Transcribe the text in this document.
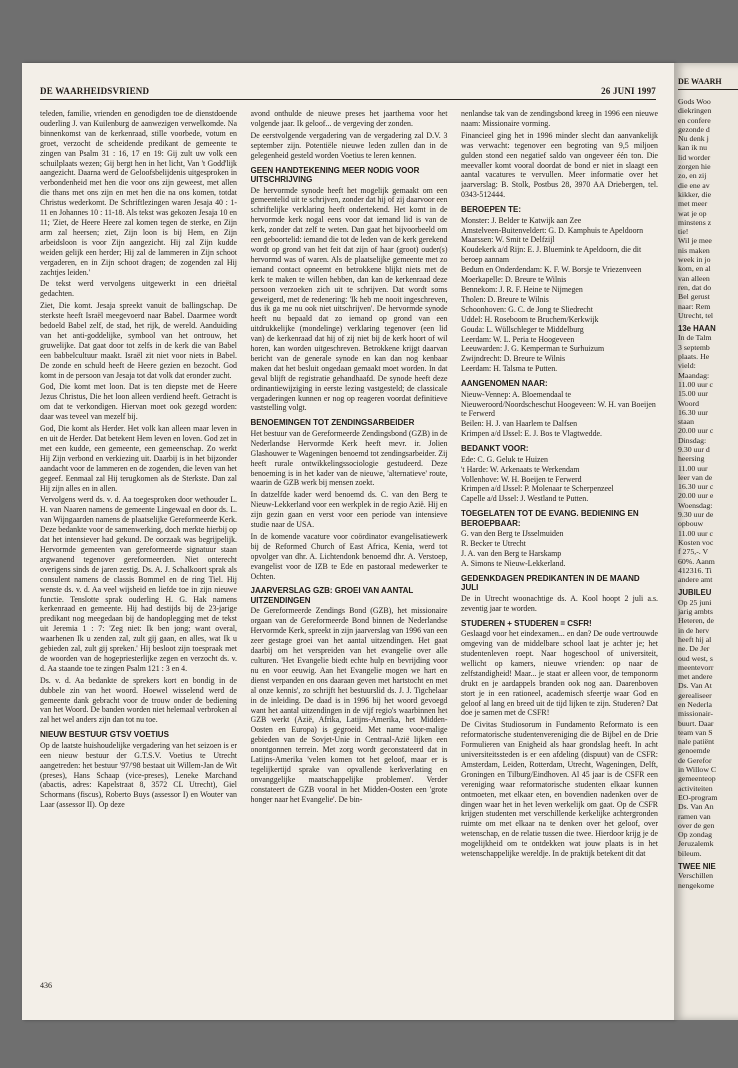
DE WAARHEIDSVRIEND	26 JUNI 1997

teleden, familie, vrienden en genodigden toe de dienstdoende ouderling J. van Kuilenburg de aanwezigen verwelkomde. Na binnenkomst van de kerkenraad, stille voorbede, votum en groet, verzocht de scheidende predikant de gemeente te zingen van Psalm 31 : 16, 17 en 19: Gij zult uw volk een schuilplaats wezen; Gij bergt hen in het licht, Van 't Godd'lijk aangezicht. Daarna werd de Geloofsbelijdenis uitgesproken in verbondenheid met hen die voor ons zijn geweest, met allen die thans met ons zijn en met hen die na ons komen, totdat Christus wederkomt. De Schriftlezingen waren Jesaja 40 : 1-11 en Johannes 10 : 11-18. Als tekst was gekozen Jesaja 10 en 11; 'Ziet, de Heere Heere zal komen tegen de sterke, en Zijn arm zal heersen; ziet, Zijn loon is bij Hem, en Zijn arbeidsloon is voor Zijn aangezicht. Hij zal Zijn kudde weiden gelijk een herder; Hij zal de lammeren in Zijn schoot vergaderen, en in Zijn schoot dragen; de zogenden zal Hij zachtjes leiden.'

De tekst werd vervolgens uitgewerkt in een drieëtal gedachten.

Ziet, Die komt. Jesaja spreekt vanuit de ballingschap. De sterkste heeft Israël meegevoerd naar Babel. Daarmee wordt bedoeld Babel zelf, de stad, het rijk, de wereld. Aanduiding van het anti-goddelijke, symbool van het ontrouw, het gruwelijke. Dat gaat door tot zelfs in de kerk die van Babel een babbelcultuur maakt. Israël zit niet voor niets in Babel. De zonde en schuld heeft de Heere gezien en bezocht. God komt in de persoon van Jesaja tot dat volk dat eronder zucht.

God, Die komt met loon. Dat is ten diepste met de Heere Jezus Christus, Die het loon alleen verdiend heeft. Getracht is om dat te verkondigen. Hiervan moet ook gezegd worden: daar was teveel van mezelf bij.

God, Die komt als Herder. Het volk kan alleen maar leven in en uit de Herder. Dat betekent Hem leven en loven. God zet in met een kudde, een gemeente, een gemeenschap. Zo werkt Hij Zijn verbond en verkiezing uit. Daarbij is in het bijzonder aandacht voor de lammeren en de zogenden, die leven van het gegeef. Eenmaal zal Hij terugkomen als de Sterkste. Dan zal Hij zijn alles en in allen.

Vervolgens werd ds. v. d. Aa toegesproken door wethouder L. H. van Naaren namens de gemeente Lingewaal en door ds. L. van Wijngaarden namens de plaatselijke Gereformeerde Kerk. Deze bedankte voor de samenwerking, doch merkte hierbij op dat het intensiever had gekund. De oorzaak was begrijpelijk. Hervormde gemeenten van gereformeerde signatuur staan argwanend tegenover gereformeerden. Niet onterecht overigens sinds de jaren zestig. Ds. A. J. Schalkoort sprak als consulent namens de classis Bommel en de ring Tiel. Hij wenste ds. v. d. Aa veel wijsheid en liefde toe in zijn nieuwe functie. Tenslotte sprak ouderling H. G. Hak namens kerkenraad en gemeente. Hij had destijds bij de 23-jarige predikant nog meegedaan bij de handoplegging met de tekst uit Jeremia 1 : 7: 'Zeg niet: Ik ben jong; want overal, waarhenen Ik u zenden zal, zult gij gaan, en alles, wat Ik u gebieden zal, zult gij spreken.' Hij besloot zijn toespraak met de woorden van de hogepriesterlijke zegen en verzocht ds. v. d. Aa staande toe te zingen Psalm 121 : 3 en 4.

Ds. v. d. Aa bedankte de sprekers kort en bondig in de dubbele zin van het woord. Hoewel wisselend werd de gemeente dank gebracht voor de trouw onder de bediening van het Woord. De banden worden niet helemaal verbroken al zal het wel anders zijn dan tot nu toe.

NIEUW BESTUUR GTSV VOETIUS

Op de laatste huishoudelijke vergadering van het seizoen is er een nieuw bestuur der G.T.S.V. Voetius te Utrecht aangetreden: het bestuur '97/'98 bestaat uit Willem-Jan de Wit (preses), Hans Schaap (vice-preses), Leneke Marchand (abactis, adres: Kapelstraat 8, 3572 CL Utrecht), Giel Schormans (fiscus), Roberto Buys (assessor I) en Wouter van Laar (assessor II). Op deze

avond onthulde de nieuwe preses het jaarthema voor het volgende jaar. Ik geloof... de vergeving der zonden.

De eerstvolgende vergadering van de vergadering zal D.V. 3 september zijn. Potentiële nieuwe leden zullen dan in de gelegenheid gesteld worden Voetius te leren kennen.

GEEN HANDTEKENING MEER NODIG VOOR UITSCHRIJVING

De hervormde synode heeft het mogelijk gemaakt om een gemeentelid uit te schrijven, zonder dat hij of zij daarvoor een schriftelijke verklaring heeft ondertekend. Het komt in de hervormde kerk nogal eens voor dat iemand lid is van de kerk, zonder dat zelf te weten. Dan gaat het bijvoorbeeld om een geboortelid: iemand die tot de leden van de kerk gerekend wordt op grond van het feit dat zijn of haar (groot) ouder(s) hervormd was of waren. Als de plaatselijke gemeente met zo iemand contact opneemt en betrokkene blijkt niets met de kerk te maken te willen hebben, dan kan de kerkenraad deze persoon verzoeken zich uit te schrijven. Dat wordt soms geweigerd, met de redenering: 'Ik heb me nooit ingeschreven, dus ik ga me nu ook niet uitschrijven'. De hervormde synode heeft nu bepaald dat zo iemand op grond van een uitdrukkelijke (mondelinge) verklaring tegenover (een lid van) de kerkenraad dat hij of zij niet bij de kerk hoort of wil horen, kan worden uitgeschreven. Betrokkene krijgt daarvan bericht van de generale synode en kan dan nog kenbaar maken dat het besluit ongedaan gemaakt moet worden. In dat geval blijft de registratie gehandhaafd. De synode heeft deze ordinantiewijziging in eerste lezing vastgesteld; de classicale vergaderingen kunnen er nog op reageren voordat definitieve vaststelling volgt.

BENOEMINGEN TOT ZENDINGSARBEIDER

Het bestuur van de Gereformeerde Zendingsbond (GZB) in de Nederlandse Hervormde Kerk heeft mevr. ir. Jolien Glashouwer te Wageningen benoemd tot zendingsarbeider. Zij heeft rurale ontwikkelingssociologie gestudeerd. Deze benoeming is in het kader van de nieuwe, 'alternatieve' route, waarin de GZB werk bij mensen zoekt.

In datzelfde kader werd benoemd ds. C. van den Berg te Nieuw-Lekkerland voor een werkplek in de regio Azië. Hij en zijn gezin gaan en verst voor een periode van intensieve studie naar de USA.

In de komende vacature voor coördinator evangelisatiewerk bij de Reformed Church of East Africa, Kenia, werd tot opvolger van dhr. A. Lichtendonk benoemd dhr. A. Verstoep, evangelist voor de IZB te Ede en pastoraal medewerker te Ochten.

JAARVERSLAG GZB: GROEI VAN AANTAL UITZENDINGEN

De Gereformeerde Zendings Bond (GZB), het missionaire orgaan van de Gereformeerde Bond binnen de Nederlandse Hervormde Kerk, spreekt in zijn jaarverslag van 1996 van een zeer gestage groei van het aantal uitzendingen. Het gaat daarbij om het verspreiden van het evangelie over alle culturen. 'Het Evangelie biedt echte hulp en bevrijding voor nu en voor eeuwig. Aan het Evangelie mogen we hart en dienst verpanden en ons daaraan geven met hartstocht en met al onze kennis', zo schrijft het bestuurslid ds. J. J. Tigchelaar in de inleiding. De daad is in 1996 bij het woord gevoegd want het aantal uitzendingen in de vijf regio's waarbinnen het GZB werkt (Azië, Afrika, Latijns-Amerika, het Midden-Oosten en Europa) is gegroeid. Met name voor-malige gebieden van de Sovjet-Unie in Centraal-Azië lijken een onontgonnen terrein. Met zorg wordt geconstateerd dat in Latijns-Amerika 'velen komen tot het geloof, maar er is tegelijkertijd sprake van opvallende kerkverlating en onvanggelijke maatschappelijke problemen'. Verder constateert de GZB vooral in het Midden-Oosten een 'grote honger naar het Evangelie'. De bin-

nenlandse tak van de zendingsbond kreeg in 1996 een nieuwe naam: Missionaire vorming.

Financieel ging het in 1996 minder slecht dan aanvankelijk was verwacht: tegenover een begroting van 9,5 miljoen gulden stond een negatief saldo van ongeveer één ton. Die meevaller komt vooral doordat de bond er niet in slaagt een aantal vacatures te vervullen. Meer informatie over het jaarverslag: B. Stolk, Postbus 28, 3970 AA Driebergen, tel. 0343-512444.

BEROEPEN TE:
Monster: J. Belder te Katwijk aan Zee
Amstelveen-Buitenveldert: G. D. Kamphuis te Apeldoorn
Maarssen: W. Smit te Delfzijl
Koudekerk a/d Rijn: E. J. Bluemink te Apeldoorn, die dit beroep aannam
Bedum en Onderdendam: K. F. W. Borsje te Vriezenveen
Moerkapelle: D. Breure te Wilnis
Bennekom: J. R. F. Heine te Nijmegen
Tholen: D. Breure te Wilnis
Schoonhoven: G. C. de Jong te Sliedrecht
Uddel: H. Roseboom te Bruchem/Kerkwijk
Gouda: L. Wüllschleger te Middelburg
Leerdam: W. L. Peria te Hoogeveen
Leeuwarden: J. G. Kemperman te Surhuizum
Zwijndrecht: D. Breure te Wilnis
Leerdam: H. Talsma te Putten.
AANGENOMEN NAAR:
Nieuw-Vennep: A. Bloemendaal te Nieuweroord/Noordscheschut Hoogeveen: W. H. van Boeijen te Ferwerd
Beilen: H. J. van Haarlem te Dalfsen
Krimpen a/d IJssel: E. J. Bos te Vlagtwedde.
BEDANKT VOOR:
Ede: C. G. Geluk te Huizen
't Harde: W. Arkenaats te Werkendam
Vollenhove: W. H. Boeijen te Ferwerd
Krimpen a/d IJssel: P. Molenaar te Scherpenzeel
Capelle a/d IJssel: J. Westland te Putten.
TOEGELATEN TOT DE EVANG. BEDIENING EN BEROEPBAAR:
G. van den Berg te IJsselmuiden
R. Becker te Utrecht
J. A. van den Berg te Harskamp
A. Simons te Nieuw-Lekkerland.
GEDENKDAGEN PREDIKANTEN IN DE MAAND JULI

De in Utrecht woonachtige ds. A. Kool hoopt 2 juli a.s. zeventig jaar te worden.

STUDEREN + STUDEREN = CSFR!

Geslaagd voor het eindexamen... en dan? De oude vertrouwde omgeving van de middelbare school laat je achter je; het studentenleven roept. Naar hogeschool of universiteit, wellicht op kamers, nieuwe vrienden: op naar de zelfstandigheid! Maar... je staat er alleen voor, de temponorm drukt en je aardappels branden ook nog aan. Daarenboven stort je in een rationeel, academisch sfeertje waar God en geloof al lang en breed uit de tijd lijken te zijn. Studeren? Dat doe je samen met de CSFR!

De Civitas Studiosorum in Fundamento Reformato is een reformatorische studentenvereniging die de Bijbel en de Drie Formulieren van Enigheid als haar grondslag heeft. In acht universiteitssteden is er een afdeling (dispuut) van de CSFR: Amsterdam, Leiden, Rotterdam, Utrecht, Wageningen, Delft, Groningen en Tilburg/Eindhoven. Al 45 jaar is de CSFR een vereniging waar reformatorische studenten elkaar kunnen ontmoeten, met elkaar eten, en bovendien nadenken over de dingen waar het in het leven werkelijk om gaat. Op de CSFR krijgen studenten met verschillende kerkelijke achtergronden ruimte om met elkaar na te denken over het geloof, over wetenschap, en de relatie tussen die twee. Hierdoor krijg je de mogelijkheid om te ontdekken wat jouw plaats is in het wetenschappelijke wereldje. In de praktijk betekent dit dat

436
DE WAARH
Gods Woo
diekringen
en confere
gezonde d
Nu denk j
kan ik nu
lid worder
zorgen hie
zo, en zij
die ene av
kikker, die
met meer
wat je op
minstens z
tie!
Wil je mee
nis maken
week in jo
kom, en al
van alleen
ren, dat do
Bel gerust
naar: Rem
Utrecht, tel
13e HAAN
In de Talm
3 septemb
plaats. He
vield:
Maandag:
11.00 uur c
15.00 uur
Woord
16.30 uur
staan
20.00 uur c
Dinsdag:
9.30 uur d
heersing
11.00 uur
leer van de
16.30 uur c
20.00 uur e
Woensdag:
9.30 uur de
opbouw
11.00 uur c
Kosten voc
f 275,-. V
60%. Aanm
412316. Ti
andere amt
JUBILEU
Op 25 juni
jarig ambts
Heteren, de
in de herv
heeft hij al
ne. De Jer
oud west, s
meentevorr
met andere
Ds. Van At
gerealiseer
en Nederla
missionair-
buurt. Daar
team van S
nale patiënt
genoemde
de Gerefor
in Willow C
gemeenteop
activiteiten
EO-program
Ds. Van An
ramen van
over de gen
Op zondag
Jeruzalemk
bileum.
TWEE NIE
Verschillen
nengekome
